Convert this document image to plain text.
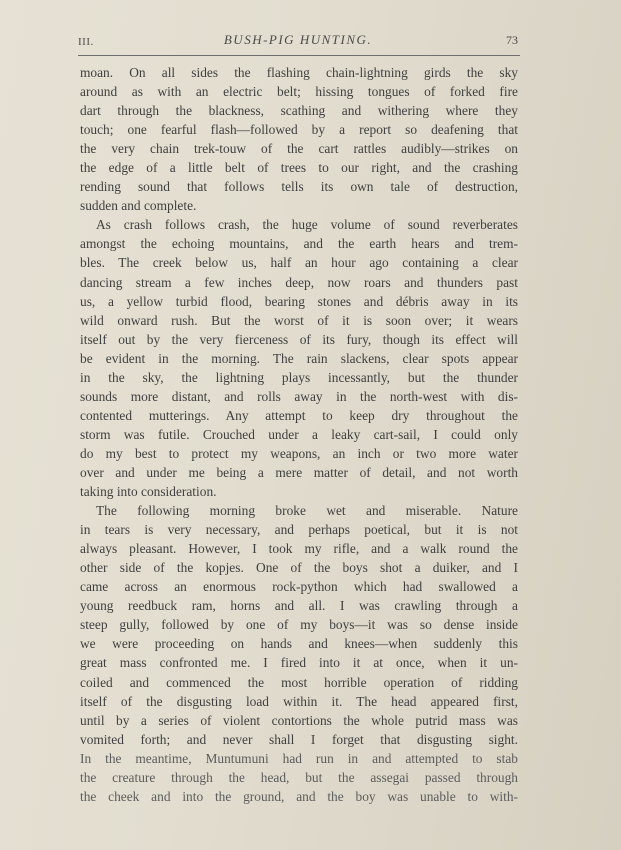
III.	BUSH-PIG HUNTING.	73
moan. On all sides the flashing chain-lightning girds the sky
around as with an electric belt; hissing tongues of forked fire
dart through the blackness, scathing and withering where they
touch; one fearful flash—followed by a report so deafening that
the very chain trek-touw of the cart rattles audibly—strikes on
the edge of a little belt of trees to our right, and the crashing
rending sound that follows tells its own tale of destruction,
sudden and complete.
As crash follows crash, the huge volume of sound reverberates
amongst the echoing mountains, and the earth hears and trem-
bles. The creek below us, half an hour ago containing a clear
dancing stream a few inches deep, now roars and thunders past
us, a yellow turbid flood, bearing stones and débris away in its
wild onward rush. But the worst of it is soon over; it wears
itself out by the very fierceness of its fury, though its effect will
be evident in the morning. The rain slackens, clear spots appear
in the sky, the lightning plays incessantly, but the thunder
sounds more distant, and rolls away in the north-west with dis-
contented mutterings. Any attempt to keep dry throughout the
storm was futile. Crouched under a leaky cart-sail, I could only
do my best to protect my weapons, an inch or two more water
over and under me being a mere matter of detail, and not worth
taking into consideration.
The following morning broke wet and miserable. Nature
in tears is very necessary, and perhaps poetical, but it is not
always pleasant. However, I took my rifle, and a walk round the
other side of the kopjes. One of the boys shot a duiker, and I
came across an enormous rock-python which had swallowed a
young reedbuck ram, horns and all. I was crawling through a
steep gully, followed by one of my boys—it was so dense inside
we were proceeding on hands and knees—when suddenly this
great mass confronted me. I fired into it at once, when it un-
coiled and commenced the most horrible operation of ridding
itself of the disgusting load within it. The head appeared first,
until by a series of violent contortions the whole putrid mass was
vomited forth; and never shall I forget that disgusting sight.
In the meantime, Muntumuni had run in and attempted to stab
the creature through the head, but the assegai passed through
the cheek and into the ground, and the boy was unable to with-
